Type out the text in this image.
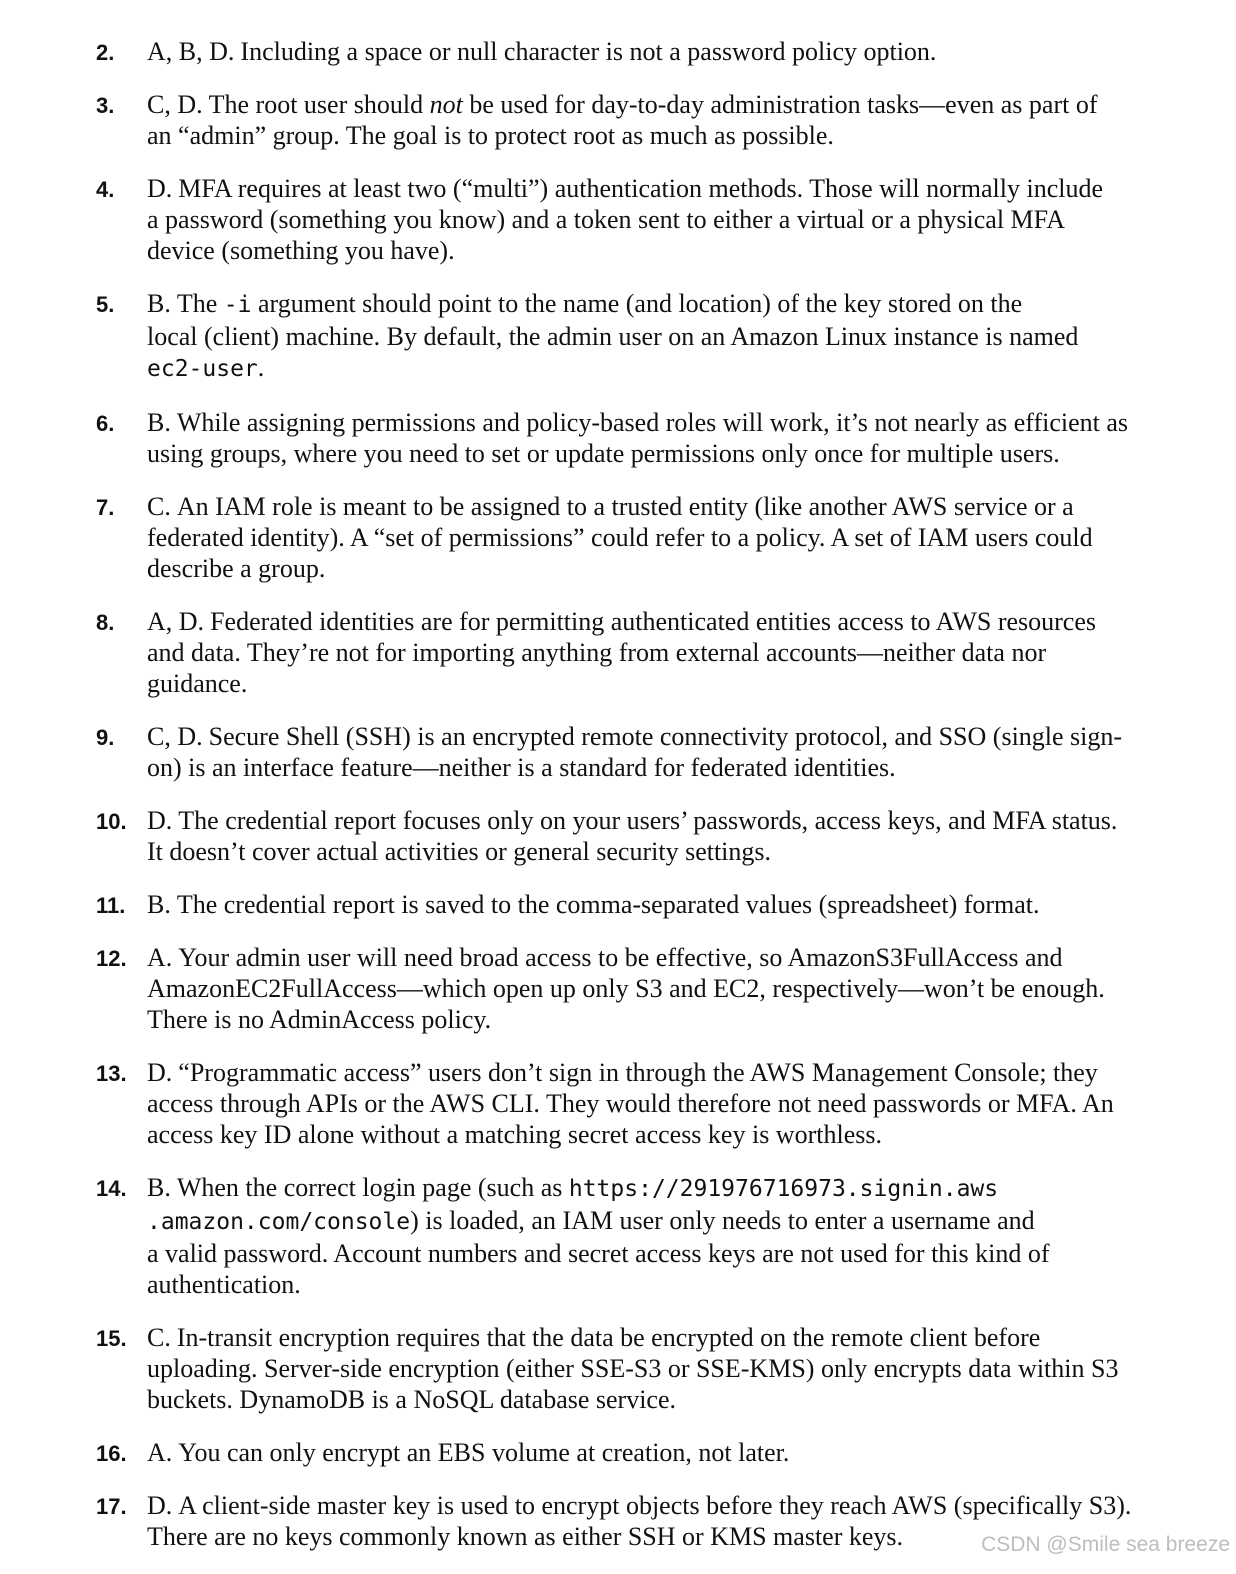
2. A, B, D. Including a space or null character is not a password policy option.
3. C, D. The root user should not be used for day-to-day administration tasks—even as part of
an “admin” group. The goal is to protect root as much as possible.
4. D. MFA requires at least two (“multi”) authentication methods. Those will normally include
a password (something you know) and a token sent to either a virtual or a physical MFA
device (something you have).
5. B. The -i argument should point to the name (and location) of the key stored on the
local (client) machine. By default, the admin user on an Amazon Linux instance is named
ec2-user.
6. B. While assigning permissions and policy-based roles will work, it’s not nearly as efficient as
using groups, where you need to set or update permissions only once for multiple users.
7. C. An IAM role is meant to be assigned to a trusted entity (like another AWS service or a
federated identity). A “set of permissions” could refer to a policy. A set of IAM users could
describe a group.
8. A, D. Federated identities are for permitting authenticated entities access to AWS resources
and data. They’re not for importing anything from external accounts—neither data nor
guidance.
9. C, D. Secure Shell (SSH) is an encrypted remote connectivity protocol, and SSO (single sign-
on) is an interface feature—neither is a standard for federated identities.
10. D. The credential report focuses only on your users’ passwords, access keys, and MFA status.
It doesn’t cover actual activities or general security settings.
11. B. The credential report is saved to the comma-separated values (spreadsheet) format.
12. A. Your admin user will need broad access to be effective, so AmazonS3FullAccess and
AmazonEC2FullAccess—which open up only S3 and EC2, respectively—won’t be enough.
There is no AdminAccess policy.
13. D. “Programmatic access” users don’t sign in through the AWS Management Console; they
access through APIs or the AWS CLI. They would therefore not need passwords or MFA. An
access key ID alone without a matching secret access key is worthless.
14. B. When the correct login page (such as https://291976716973.signin.aws
.amazon.com/console) is loaded, an IAM user only needs to enter a username and
a valid password. Account numbers and secret access keys are not used for this kind of
authentication.
15. C. In-transit encryption requires that the data be encrypted on the remote client before
uploading. Server-side encryption (either SSE-S3 or SSE-KMS) only encrypts data within S3
buckets. DynamoDB is a NoSQL database service.
16. A. You can only encrypt an EBS volume at creation, not later.
17. D. A client-side master key is used to encrypt objects before they reach AWS (specifically S3).
There are no keys commonly known as either SSH or KMS master keys.	CSDN @Smile sea breeze
